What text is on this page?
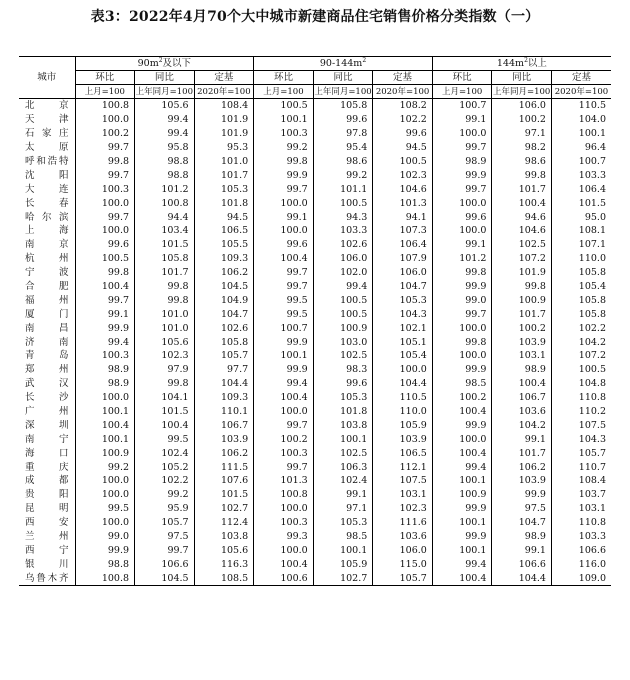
表3：2022年4月70个大中城市新建商品住宅销售价格分类指数（一）
城市	$90m^2$及以下			$90-144m^2$			$144m^2$以上		
	环比	同比	定基	环比	同比	定基	环比	同比	定基
	上月=100	上年同月=100	2020年=100	上月=100	上年同月=100	2020年=100	上月=100	上年同月=100	2020年=100
北京	100.8	105.6	108.4	100.5	105.8	108.2	100.7	106.0	110.5
天津	100.0	99.4	101.9	100.1	99.6	102.2	99.1	100.2	104.0
石家庄	100.2	99.4	101.9	100.3	97.8	99.6	100.0	97.1	100.1
太原	99.7	95.8	95.3	99.2	95.4	94.5	99.7	98.2	96.4
呼和浩特	99.8	98.8	101.0	99.8	98.6	100.5	98.9	98.6	100.7
沈阳	99.7	98.8	101.7	99.9	99.2	102.3	99.9	99.8	103.3
大连	100.3	101.2	105.3	99.7	101.1	104.6	99.7	101.7	106.4
长春	100.0	100.8	101.8	100.0	100.5	101.3	100.0	100.4	101.5
哈尔滨	99.7	94.4	94.5	99.1	94.3	94.1	99.6	94.6	95.0
上海	100.0	103.4	106.5	100.0	103.3	107.3	100.0	104.6	108.1
南京	99.6	101.5	105.5	99.6	102.6	106.4	99.1	102.5	107.1
杭州	100.5	105.8	109.3	100.4	106.0	107.9	101.2	107.2	110.0
宁波	99.8	101.7	106.2	99.7	102.0	106.0	99.8	101.9	105.8
合肥	100.4	99.8	104.5	99.7	99.4	104.7	99.9	99.8	105.4
福州	99.7	99.8	104.9	99.5	100.5	105.3	99.0	100.9	105.8
厦门	99.1	101.0	104.7	99.5	100.5	104.3	99.7	101.7	105.8
南昌	99.9	101.0	102.6	100.7	100.9	102.1	100.0	100.2	102.2
济南	99.4	105.6	105.8	99.9	103.0	105.1	99.8	103.9	104.2
青岛	100.3	102.3	105.7	100.1	102.5	105.4	100.0	103.1	107.2
郑州	98.9	97.9	97.7	99.9	98.3	100.0	99.9	98.9	100.5
武汉	98.9	99.8	104.4	99.4	99.6	104.4	98.5	100.4	104.8
长沙	100.0	104.1	109.3	100.4	105.3	110.5	100.2	106.7	110.8
广州	100.1	101.5	110.1	100.0	101.8	110.0	100.4	103.6	110.2
深圳	100.4	100.4	106.7	99.7	103.8	105.9	99.9	104.2	107.5
南宁	100.1	99.5	103.9	100.2	100.1	103.9	100.0	99.1	104.3
海口	100.9	102.4	106.2	100.3	102.5	106.5	100.4	101.7	105.7
重庆	99.2	105.2	111.5	99.7	106.3	112.1	99.4	106.2	110.7
成都	100.0	102.2	107.6	101.3	102.4	107.5	100.1	103.9	108.4
贵阳	100.0	99.2	101.5	100.8	99.1	103.1	100.9	99.9	103.7
昆明	99.5	95.9	102.7	100.0	97.1	102.3	99.9	97.5	103.1
西安	100.0	105.7	112.4	100.3	105.3	111.6	100.1	104.7	110.8
兰州	99.0	97.5	103.8	99.3	98.5	103.6	99.9	98.9	103.3
西宁	99.9	99.7	105.6	100.0	100.1	106.0	100.1	99.1	106.6
银川	98.8	106.6	116.3	100.4	105.9	115.0	99.4	106.6	116.0
乌鲁木齐	100.8	104.5	108.5	100.6	102.7	105.7	100.4	104.4	109.0
